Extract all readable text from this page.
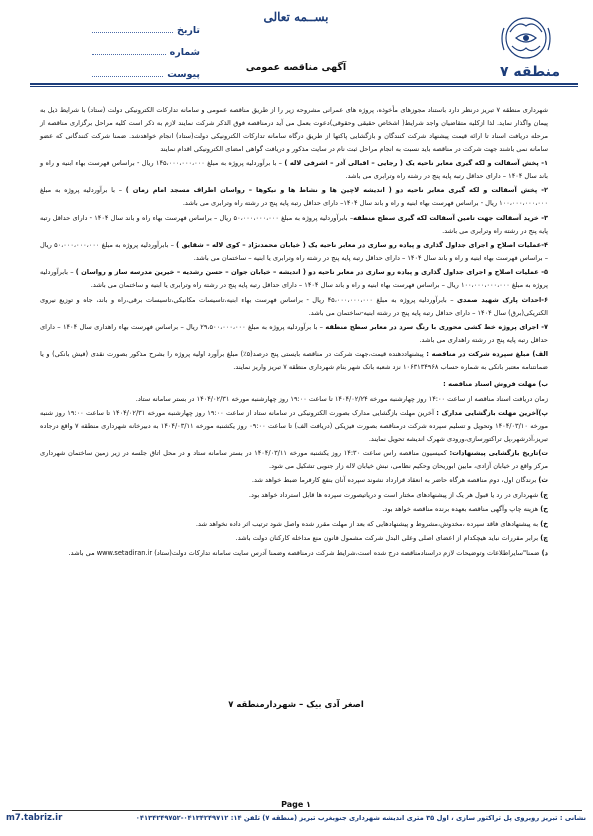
بســمه تعالی
تاریخ
شماره
پیوست	منطقه ۷
آگهی مناقصه عمومی

شهرداری منطقه ۷ تبریز درنظر دارد باستناد مجوزهای مأخوذه، پروژه های عمرانی مشروحه زیر را از طریق مناقصه عمومی و سامانه تدارکات الکترونیکی دولت (ستاد) با شرایط ذیل به پیمان واگذار نماید. لذا ازکلیه متقاضیان واجد شرایط( اشخاص حقیقی وحقوقی)دعوت بعمل می آید درمناقصه فوق الذکر شرکت نمایند لازم به ذکر است کلیه مراحل برگزاری مناقصه از مرحله دریافت اسناد تا ارائه قیمت پیشنهاد شرکت کنندگان و بازگشایی پاکتها از طریق درگاه سامانه تدارکات الکترونیکی دولت(ستاد) انجام خواهدشد. ضمنا شرکت کنندگانی که عضو سامانه نمی باشند جهت شرکت در مناقصه باید نسبت به انجام مراحل ثبت نام در سایت مذکور و دریافت گواهی امضای الکترونیکی اقدام نمایند

۱- پخش آسفالت و لکه گیری معابر ناحیه یک ( رجایی – اقبالی آذر – اشرفی لاله ) – با برآوردلیه پروژه به مبلغ ۱۴۵،۰۰۰،۰۰۰،۰۰۰ ریال - براساس فهرست بهاء ابنیه و راه و باند سال ۱۴۰۴ – دارای حداقل رتبه پایه پنج در رشته راه وترابری می باشد.

۲- پخش آسفالت و لکه گیری معابر ناحیه دو ( اندیشه لاچین ها و نشاط ها و نیکوها – رواسان اطراف مسجد امام زمان ) – با برآوردلیه پروژه به مبلغ ۱۰۰،۰۰۰،۰۰۰،۰۰۰ ریال - براساس فهرست بهاء ابنیه و راه و باند سال ۱۴۰۴– دارای حداقل رتبه پایه پنج در رشته راه وترابری می باشد.

۳- خرید آسفالت جهت تامین آسفالت لکه گیری سطح منطقه– بابرآوردلیه پروژه به مبلغ ۵۰،۰۰۰،۰۰۰،۰۰۰ ریال – براساس فهرست بهاء راه و باند سال ۱۴۰۴ - دارای حداقل رتبه پایه پنج در رشته راه وترابری می باشد.

۴-عملیات اصلاح و اجرای جداول گذاری و پیاده رو سازی در معابر ناحیه یک ( خیابان محمدنژاد – کوی لاله – شقایق ) – بابرآوردلیه پروژه به مبلغ ۵۰،۰۰۰،۰۰۰،۰۰۰ ریال – براساس فهرست بهاء ابنیه و راه و باند سال ۱۴۰۴ – دارای حداقل رتبه پایه پنج در رشته راه وترابری یا ابنیه – ساختمان می باشد.

۵- عملیات اصلاح و اجرای جداول گذاری و پیاده رو سازی در معابر ناحیه دو ( اندیشه – خیابان جوان – حسن رشدیه – خیرین مدرسه ساز و رواسان ) – بابرآوردلیه پروژه به مبلغ ۱۰۰،۰۰۰،۰۰۰،۰۰۰ ریال – براساس فهرست بهاء ابنیه و راه و باند سال ۱۴۰۴ – دارای حداقل رتبه پایه پنج در رشته راه وترابری یا ابنیه و ساختمان می باشد.

۶-احداث پارک شهید صمدی – بابرآوردلیه پروژه به مبلغ ۴۵،۰۰۰،۰۰۰،۰۰۰ ریال - براساس فهرست بهاء ابنیه،تاسیسات مکانیکی،تاسیسات برقی،راه و باند، جاه و توزیع نیروی الکتریکی(برق) سال ۱۴۰۴ – دارای حداقل رتبه پایه پنج در رشته ابنیه-ساختمان می باشد.

۷- اجرای پروژه خط کشی محوری با رنگ سرد در معابر سطح منطقه – با برآوردلیه پروژه به مبلغ ۲۹،۵۰۰،۰۰۰،۰۰۰ ریال – براساس فهرست بهاء راهداری سال ۱۴۰۴ – دارای حداقل رتبه پایه پنج در رشته راهداری می باشد.

الف) مبلغ سپرده شرکت در مناقصه : پیشنهاددهنده قیمت،جهت شرکت در مناقصه بایستی پنج درصد(۵٪) مبلغ برآورد اولیه پروژه را بشرح مذکور بصورت نقدی (فیش بانکی) و یا ضمانتنامه معتبر بانکی به شماره حساب ۱۰۶۳۱۳۴۹۶۸ نزد شعبه بانک شهر بنام شهرداری منطقه ۷ تبریز واریز نمایند.

ب) مهلت فروش اسناد مناقصه :

زمان دریافت اسناد مناقصه از ساعت ۱۴:۰۰ روز چهارشنبه مورخه ۱۴۰۴/۰۲/۲۴ تا ساعت ۱۹:۰۰ روز چهارشنبه مورخه ۱۴۰۴/۰۲/۳۱ در بستر سامانه ستاد.

پ)آخرین مهلت بازگشایی مدارک : آخرین مهلت بازگشایی مدارک بصورت الکترونیکی در سامانه ستاد از ساعت ۱۹:۰۰ روز چهارشنبه مورخه ۱۴۰۴/۰۲/۳۱ تا ساعت ۱۹:۰۰ روز شنبه مورخه ۱۴۰۴/۰۳/۱۰ وتحویل و تسلیم سپرده شرکت درمناقصه بصورت فیزیکی (دریافت الف) تا ساعت ۰۹:۰۰ روز یکشنبه مورخه ۱۴۰۴/۰۳/۱۱ به دبیرخانه شهرداری منطقه ۷ واقع درجاده تبریز،آذرشهر،پل تراکتورسازی،ورودی شهرک اندیشه تحویل نمایند.

ت)تاریخ بازگشایی پیشنهادات: کمیسیون مناقصه راس ساعت ۱۴:۳۰ روز یکشنبه مورخه ۱۴۰۴/۰۳/۱۱ در بستر سامانه ستاد و در محل اتاق جلسه در زیر زمین ساختمان شهرداری مرکز واقع در خیابان آزادی، مابین ابوریحان وحکیم نظامی، نبش خیابان لاله زار جنوبی تشکیل می شود.

ث) برندگان اول، دوم مناقصه هرگاه حاضر به انعقاد قرارداد نشوند سپرده آنان بنفع کارفرما ضبط خواهد شد.

ج) شهرداری در رد یا قبول هر یک از پیشنهادهای مختار است و دریاتیصورت سپرده ها قابل استرداد خواهد بود.

ح) هزینه چاپ وآگهی مناقصه بعهده برنده مناقصه خواهد بود.

خ) به پیشنهادهای فاقد سپرده ،مخدوش،مشروط و پیشنهادهایی که بعد از مهلت مقرر شده واصل شود ترتیب اثر داده نخواهد شد.

چ) برابر مقررات نباید هیچکدام از اعضای اصلی وعلی البدل شرکت مشمول قانون منع مداخله کارکنان دولت باشد.

د) ضمنا"سایراطلاعات وتوضیحات لازم دراسنادمناقصه درج شده است،شرایط شرکت درمناقصه وضمنا آدرس سایت سامانه تدارکات دولت(ستاد) www.setadiran.ir می باشد.

اصغر آدی بیک – شهردارمنطقه ۷
Page ۱
نشانی : تبریز روبروی پل تراکتور سازی ، اول ۳۵ متری اندیشه شهرداری جنوبغرب تبریز (منطقه ۷) تلفن ۱۴: ۰۴۱۳۴۲۴۹۷۱۲-۰۴۱۳۴۲۴۹۷۵۲
m7.tabriz.ir
